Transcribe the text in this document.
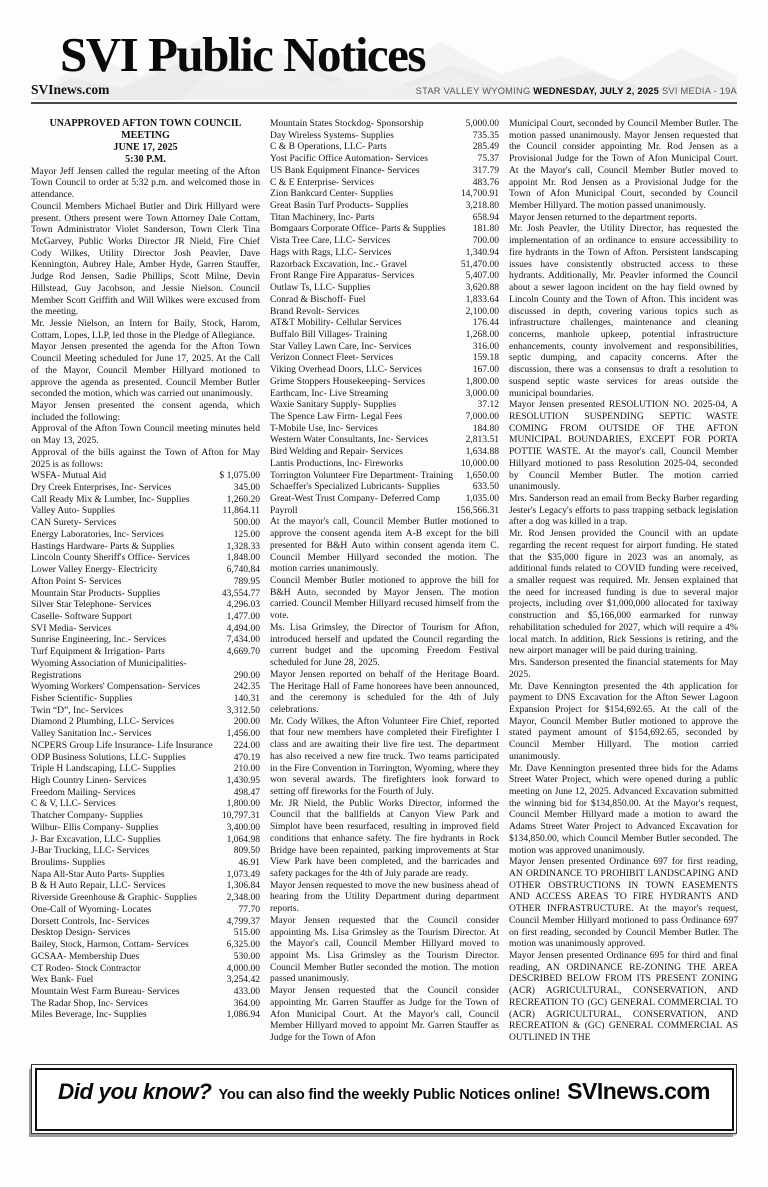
SVI Public Notices
SVInews.com	STAR VALLEY WYOMING WEDNESDAY, JULY 2, 2025 SVI MEDIA - 19A
UNAPPROVED AFTON TOWN COUNCIL MEETING
JUNE 17, 2025
5:30 P.M.

Mayor Jeff Jensen called the regular meeting of the Afton Town Council to order at 5:32 p.m. and welcomed those in attendance.

Council Members Michael Butler and Dirk Hillyard were present. Others present were Town Attorney Dale Cottam, Town Administrator Violet Sanderson, Town Clerk Tina McGarvey, Public Works Director JR Nield, Fire Chief Cody Wilkes, Utility Director Josh Peavler, Dave Kennington, Aubrey Hale, Amber Hyde, Garren Stauffer, Judge Rod Jensen, Sadie Phillips, Scott Milne, Devin Hillstead, Guy Jacobson, and Jessie Nielson. Council Member Scott Griffith and Will Wilkes were excused from the meeting.

Mr. Jessie Nielson, an Intern for Baily, Stock, Harom, Cottam, Lopes, LLP, led those in the Pledge of Allegiance.

Mayor Jensen presented the agenda for the Afton Town Council Meeting scheduled for June 17, 2025. At the Call of the Mayor, Council Member Hillyard motioned to approve the agenda as presented. Council Member Butler seconded the motion, which was carried out unanimously.

Mayor Jensen presented the consent agenda, which included the following:

Approval of the Afton Town Council meeting minutes held on May 13, 2025.

Approval of the bills against the Town of Afton for May 2025 is as follows:

WSFA- Mutual Aid	$ 1,075.00
Dry Creek Enterprises, Inc- Services	345.00
Call Ready Mix & Lumber, Inc- Supplies	1,260.20
Valley Auto- Supplies	11,864.11
CAN Surety- Services	500.00
Energy Laboratories, Inc- Services	125.00
Hastings Hardware- Parts & Supplies	1,328.33
Lincoln County Sheriff's Office- Services	1,848.00
Lower Valley Energy- Electricity	6,740.84
Afton Point S- Services	789.95
Mountain Star Products- Supplies	43,554.77
Silver Star Telephone- Services	4,296.03
Caselle- Software Support	1,477.00
SVI Media- Services	4,494.00
Sunrise Engineering, Inc.- Services	7,434.00
Turf Equipment & Irrigation- Parts	4,669.70
Wyoming Association of Municipalities- Registrations	290.00
Wyoming Workers' Compensation- Services	242.35
Fisher Scientific- Supplies	140.31
Twin “D”, Inc- Services	3,312.50
Diamond 2 Plumbing, LLC- Services	200.00
Valley Sanitation Inc.- Services	1,456.00
NCPERS Group Life Insurance- Life Insurance	224.00
ODP Business Solutions, LLC- Supplies	470.19
Triple H Landscaping, LLC- Supplies	210.00
High Country Linen- Services	1,430.95
Freedom Mailing- Services	498.47
C & V, LLC- Services	1,800.00
Thatcher Company- Supplies	10,797.31
Wilbur- Ellis Company- Supplies	3,400.00
J- Bar Excavation, LLC- Supplies	1,064.98
J-Bar Trucking, LLC- Services	809.50
Broulims- Supplies	46.91
Napa All-Star Auto Parts- Supplies	1,073.49
B & H Auto Repair, LLC- Services	1,306.84
Riverside Greenhouse & Graphic- Supplies	2,348.00
One-Call of Wyoming- Locates	77.70
Dorsett Controls, Inc- Services	4,799.37
Desktop Design- Services	515.00
Bailey, Stock, Harmon, Cottam- Services	6,325.00
GCSAA- Membership Dues	530.00
CT Rodeo- Stock Contractor	4,000.00
Wex Bank- Fuel	3,254.42
Mountain West Farm Bureau- Services	433.00
The Radar Shop, Inc- Services	364.00
Miles Beverage, Inc- Supplies	1,086.94
Mountain States Stockdog- Sponsorship	5,000.00
Day Wireless Systems- Supplies	735.35
C & B Operations, LLC- Parts	285.49
Yost Pacific Office Automation- Services	75.37
US Bank Equipment Finance- Services	317.79
C & E Enterprise- Services	483.76
Zion Bankcard Center- Supplies	14,700.91
Great Basin Turf Products- Supplies	3,218.80
Titan Machinery, Inc- Parts	658.94
Bomgaars Corporate Office- Parts & Supplies	181.80
Vista Tree Care, LLC- Services	700.00
Hags with Rags, LLC- Services	1,340.94
Razorback Excavation, Inc.- Gravel	51,470.00
Front Range Fire Apparatus- Services	5,407.00
Outlaw Ts, LLC- Supplies	3,620.88
Conrad & Bischoff- Fuel	1,833.64
Brand Revolt- Services	2,100.00
AT&T Mobility- Cellular Services	176.44
Buffalo Bill Villages- Training	1,268.00
Star Valley Lawn Care, Inc- Services	316.00
Verizon Connect Fleet- Services	159.18
Viking Overhead Doors, LLC- Services	167.00
Grime Stoppers Housekeeping- Services	1,800.00
Earthcam, Inc- Live Streaming	3,000.00
Waxie Sanitary Supply- Supplies	37.12
The Spence Law Firm- Legal Fees	7,000.00
T-Mobile Use, Inc- Services	184.80
Western Water Consultants, Inc- Services	2,813.51
Bird Welding and Repair- Services	1,634.88
Lantis Productions, Inc- Fireworks	10,000.00
Torrington Volunteer Fire Department- Training	1,650.00
Schaeffer's Specialized Lubricants- Supplies	633.50
Great-West Trust Company- Deferred Comp	1,035.00
Payroll	156,566.31

At the mayor's call, Council Member Butler motioned to approve the consent agenda item A-B except for the bill presented for B&H Auto within consent agenda item C. Council Member Hillyard seconded the motion. The motion carries unanimously.

Council Member Butler motioned to approve the bill for B&H Auto, seconded by Mayor Jensen. The motion carried. Council Member Hillyard recused himself from the vote.

Ms. Lisa Grimsley, the Director of Tourism for Afton, introduced herself and updated the Council regarding the current budget and the upcoming Freedom Festival scheduled for June 28, 2025.

Mayor Jensen reported on behalf of the Heritage Board. The Heritage Hall of Fame honorees have been announced, and the ceremony is scheduled for the 4th of July celebrations.

Mr. Cody Wilkes, the Afton Volunteer Fire Chief, reported that four new members have completed their Firefighter I class and are awaiting their live fire test. The department has also received a new fire truck. Two teams participated in the Fire Convention in Torrington, Wyoming, where they won several awards. The firefighters look forward to setting off fireworks for the Fourth of July.

Mr. JR Nield, the Public Works Director, informed the Council that the ballfields at Canyon View Park and Simplot have been resurfaced, resulting in improved field conditions that enhance safety. The fire hydrants in Rock Bridge have been repainted, parking improvements at Star View Park have been completed, and the barricades and safety packages for the 4th of July parade are ready.

Mayor Jensen requested to move the new business ahead of hearing from the Utility Department during department reports.

Mayor Jensen requested that the Council consider appointing Ms. Lisa Grimsley as the Tourism Director. At the Mayor's call, Council Member Hillyard moved to appoint Ms. Lisa Grimsley as the Tourism Director. Council Member Butler seconded the motion. The motion passed unanimously.

Mayor Jensen requested that the Council consider appointing Mr. Garren Stauffer as Judge for the Town of Afon Municipal Court. At the Mayor's call, Council Member Hillyard moved to appoint Mr. Garren Stauffer as Judge for the Town of Afon

Municipal Court, seconded by Council Member Butler. The motion passed unanimously. Mayor Jensen requested that the Council consider appointing Mr. Rod Jensen as a Provisional Judge for the Town of Afon Municipal Court. At the Mayor's call, Council Member Butler moved to appoint Mr. Rod Jensen as a Provisional Judge for the Town of Afon Municipal Court, seconded by Council Member Hillyard. The motion passed unanimously.

Mayor Jensen returned to the department reports.

Mr. Josh Peavler, the Utility Director, has requested the implementation of an ordinance to ensure accessibility to fire hydrants in the Town of Afton. Persistent landscaping issues have consistently obstructed access to these hydrants. Additionally, Mr. Peavler informed the Council about a sewer lagoon incident on the hay field owned by Lincoln County and the Town of Afton. This incident was discussed in depth, covering various topics such as infrastructure challenges, maintenance and cleaning concerns, manhole upkeep, potential infrastructure enhancements, county involvement and responsibilities, septic dumping, and capacity concerns. After the discussion, there was a consensus to draft a resolution to suspend septic waste services for areas outside the municipal boundaries.

Mayor Jensen presented RESOLUTION NO. 2025-04, A RESOLUTION SUSPENDING SEPTIC WASTE COMING FROM OUTSIDE OF THE AFTON MUNICIPAL BOUNDARIES, EXCEPT FOR PORTA POTTIE WASTE. At the mayor's call, Council Member Hillyard motioned to pass Resolution 2025-04, seconded by Council Member Butler. The motion carried unanimously.

Mrs. Sanderson read an email from Becky Barber regarding Jester's Legacy's efforts to pass trapping setback legislation after a dog was killed in a trap.

Mr. Rod Jensen provided the Council with an update regarding the recent request for airport funding. He stated that the $35,000 figure in 2023 was an anomaly, as additional funds related to COVID funding were received, a smaller request was required. Mr. Jensen explained that the need for increased funding is due to several major projects, including over $1,000,000 allocated for taxiway construction and $5,166,000 earmarked for runway rehabilitation scheduled for 2027, which will require a 4% local match. In addition, Rick Sessions is retiring, and the new airport manager will be paid during training.

Mrs. Sanderson presented the financial statements for May 2025.

Mr. Dave Kennington presented the 4th application for payment to DNS Excavation for the Afton Sewer Lagoon Expansion Project for $154,692.65. At the call of the Mayor, Council Member Butler motioned to approve the stated payment amount of $154,692.65, seconded by Council Member Hillyard. The motion carried unanimously.

Mr. Dave Kennington presented three bids for the Adams Street Water Project, which were opened during a public meeting on June 12, 2025. Advanced Excavation submitted the winning bid for $134,850.00. At the Mayor's request, Council Member Hillyard made a motion to award the Adams Street Water Project to Advanced Excavation for $134,850.00, which Council Member Butler seconded. The motion was approved unanimously.

Mayor Jensen presented Ordinance 697 for first reading, AN ORDINANCE TO PROHIBIT LANDSCAPING AND OTHER OBSTRUCTIONS IN TOWN EASEMENTS AND ACCESS AREAS TO FIRE HYDRANTS AND OTHER INFRASTRUCTURE. At the mayor's request, Council Member Hillyard motioned to pass Ordinance 697 on first reading, seconded by Council Member Butler. The motion was unanimously approved.

Mayor Jensen presented Ordinance 695 for third and final reading, AN ORDINANCE RE-ZONING THE AREA DESCRIBED BELOW FROM ITS PRESENT ZONING (ACR) AGRICULTURAL, CONSERVATION, AND RECREATION TO (GC) GENERAL COMMERCIAL TO (ACR) AGRICULTURAL, CONSERVATION, AND RECREATION & (GC) GENERAL COMMERCIAL AS OUTLINED IN THE

Did you know? You can also find the weekly Public Notices online! SVInews.com
